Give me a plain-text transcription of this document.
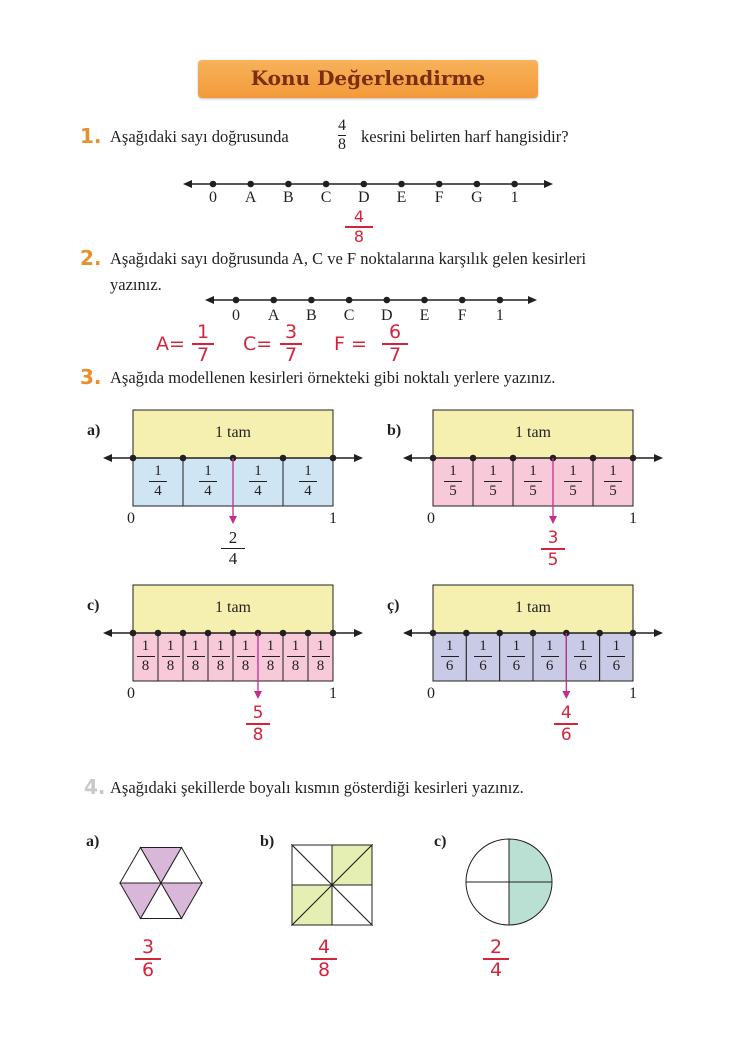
Konu Değerlendirme
1. Aşağıdaki sayı doğrusunda
4
8 kesrini belirten harf hangisidir?
0	A B C D	E	F	G	1
4
8
2. Aşağıdaki sayı doğrusunda A, C ve F noktalarına karşılık gelen kesirleri
yazınız.
0	A B C D	E	F	1
A=
1
7 C=
3
7 F =
6
7
3. Aşağıda modellenen kesirleri örnekteki gibi noktalı yerlere yazınız.
a)	1 tam
1
4
1
4
1
4
1
4
0	1
2
4
b)	1 tam
1
5
1
5
1
5
1
5
1
5
0	1
3
5
c)	1 tam
1
8
1
8
1
8
1
8
1
8
1
8
1
8
1
8
0	1
5
8
ç)	1 tam
1
6
1
6
1
6
1
6
1
6
1
6
0	1
4
6
4. Aşağıdaki şekillerde boyalı kısmın gösterdiği kesirleri yazınız.
a)
3
6
b)
4
8
c)
2
4
